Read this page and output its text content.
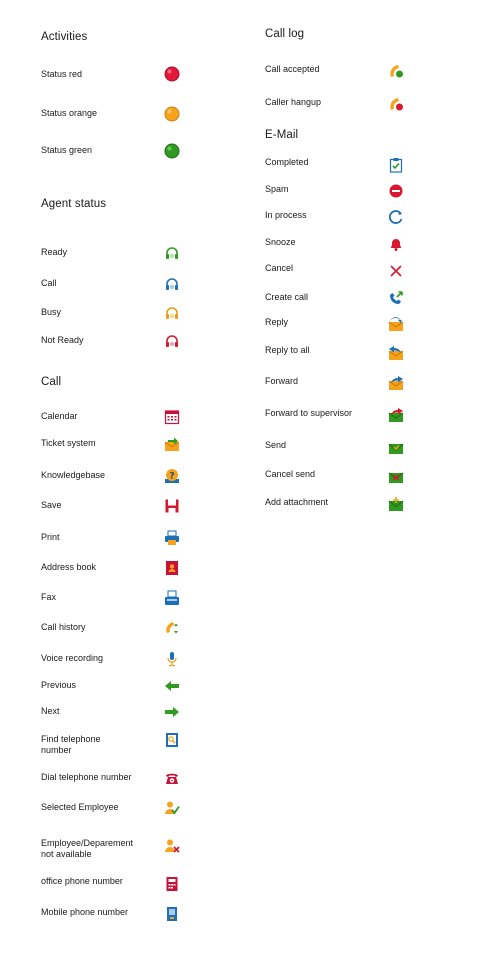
Activities
Status red
Status orange
Status green
Agent status
Ready
Call
Busy
Not Ready
Call
Calendar
Ticket system
Knowledgebase	?
Save
Print
Address book
Fax
Call history
Voice recording
Previous
Next
Find telephone number
Dial telephone number
Selected Employee
Employee/Deparement not available
office phone number
Mobile phone number
Call log
Call accepted
Caller hangup
E-Mail
Completed
Spam
In process
Snooze
Cancel
Create call
Reply
Reply to all
Forward
Forward to supervisor
Send
Cancel send
Add attachment
